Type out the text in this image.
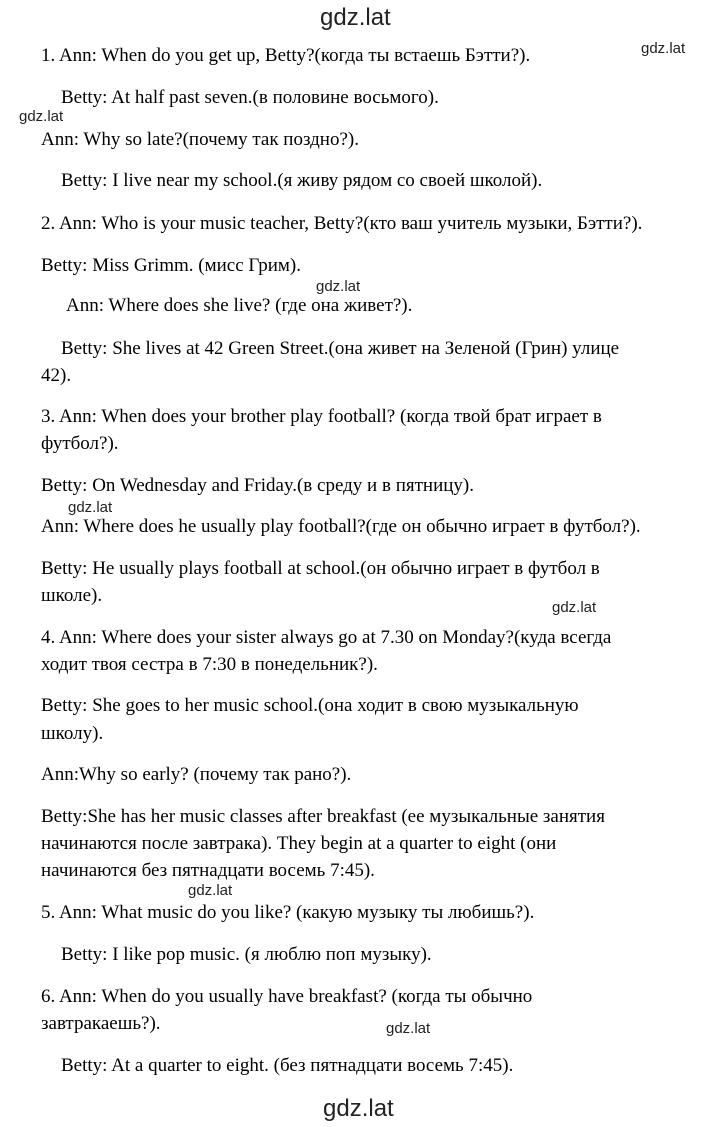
gdz.lat
1. Ann: When do you get up, Betty?(когда ты встаешь Бэтти?).
Betty: At half past seven.(в половине восьмого).
Ann: Why so late?(почему так поздно?).
Betty: I live near my school.(я живу рядом со своей школой).
2. Ann: Who is your music teacher, Betty?(кто ваш учитель музыки, Бэтти?).
Betty: Miss Grimm. (мисс Грим).
Ann: Where does she live? (где она живет?).
Betty: She lives at 42 Green Street.(она живет на Зеленой (Грин) улице
42).
3. Ann: When does your brother play football? (когда твой брат играет в
футбол?).
Betty: On Wednesday and Friday.(в среду и в пятницу).
Ann: Where does he usually play football?(где он обычно играет в футбол?).
Betty: He usually plays football at school.(он обычно играет в футбол в
школе).
4. Ann: Where does your sister always go at 7.30 on Monday?(куда всегда
ходит твоя сестра в 7:30 в понедельник?).
Betty: She goes to her music school.(она ходит в свою музыкальную
школу).
Ann:Why so early? (почему так рано?).
Betty:She has her music classes after breakfast (ее музыкальные занятия
начинаются после завтрака). They begin at a quarter to eight (они
начинаются без пятнадцати восемь 7:45).
5. Ann: What music do you like? (какую музыку ты любишь?).
Betty: I like pop music. (я люблю поп музыку).
6. Ann: When do you usually have breakfast? (когда ты обычно
завтракаешь?).
Betty: At a quarter to eight. (без пятнадцати восемь 7:45).
gdz.lat
gdz.lat
gdz.lat
gdz.lat
gdz.lat
gdz.lat
gdz.lat
gdz.lat
